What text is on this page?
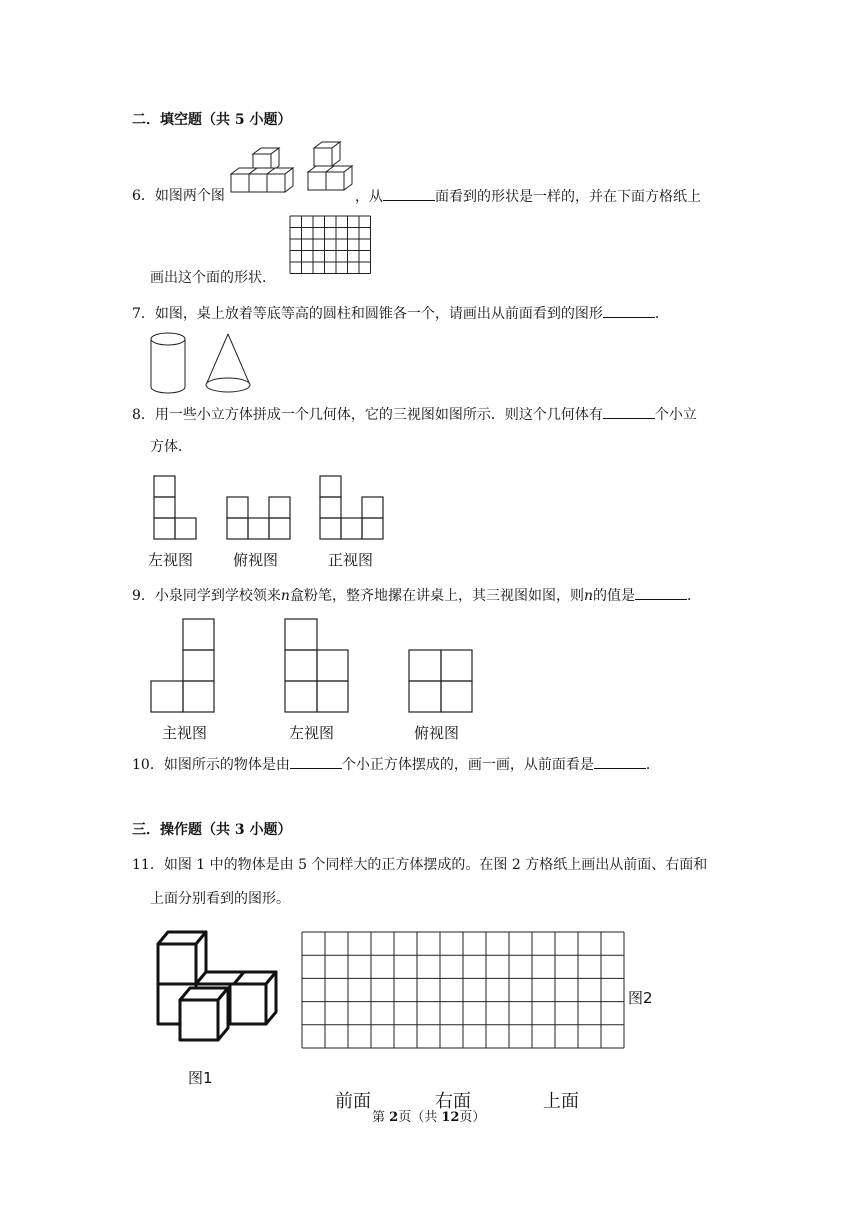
二．填空题（共 5 小题）
6．如图两个图	，从	面看到的形状是一样的，并在下面方格纸上
画出这个面的形状．
7．如图，桌上放着等底等高的圆柱和圆锥各一个，请画出从前面看到的图形	．
8．用一些小立方体拼成一个几何体，它的三视图如图所示．则这个几何体有	个小立
方体．
左视图	俯视图	正视图
9．小泉同学到学校领来n盒粉笔，整齐地摞在讲桌上，其三视图如图，则n的值是	．
主视图	左视图	俯视图
10．如图所示的物体是由	个小正方体摆成的，画一画，从前面看是	．
三．操作题（共 3 小题）
11．如图 1 中的物体是由 5 个同样大的正方体摆成的。在图 2 方格纸上画出从前面、右面和
上面分别看到的图形。
图1
图2
前面	右面	上面
第 2页（共 12页）
